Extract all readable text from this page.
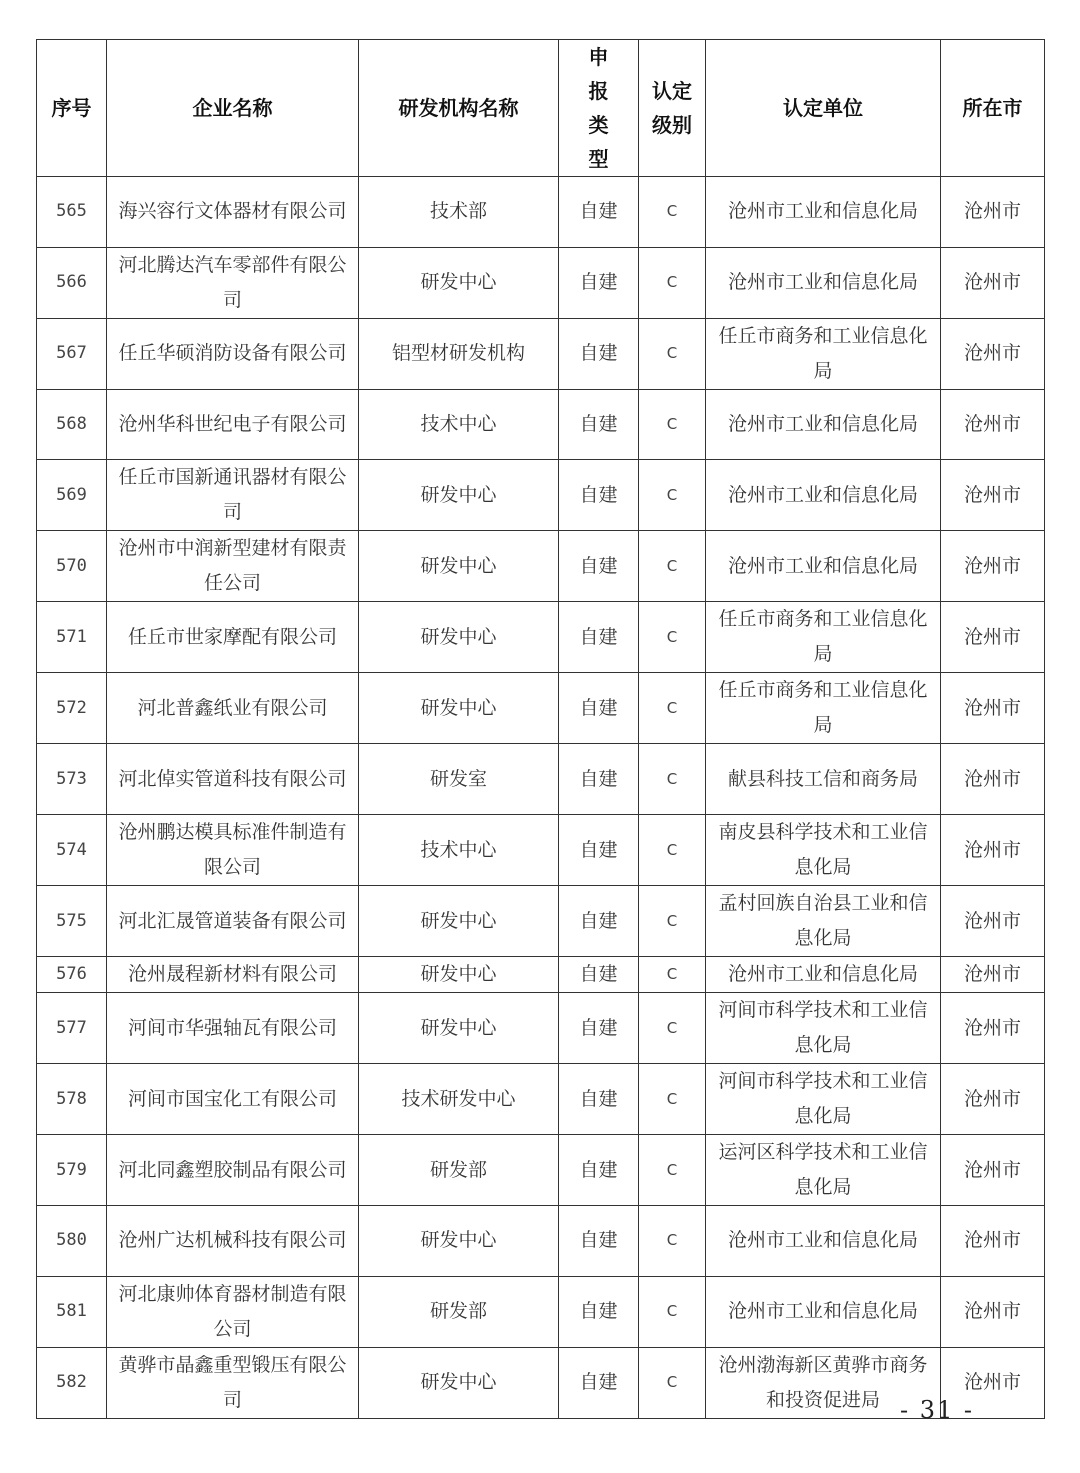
序号	企业名称	研发机构名称	申报类型	认定级别	认定单位	所在市
565	海兴容行文体器材有限公司	技术部	自建	C	沧州市工业和信息化局	沧州市
566	河北腾达汽车零部件有限公司	研发中心	自建	C	沧州市工业和信息化局	沧州市
567	任丘华硕消防设备有限公司	铝型材研发机构	自建	C	任丘市商务和工业信息化局	沧州市
568	沧州华科世纪电子有限公司	技术中心	自建	C	沧州市工业和信息化局	沧州市
569	任丘市国新通讯器材有限公司	研发中心	自建	C	沧州市工业和信息化局	沧州市
570	沧州市中润新型建材有限责任公司	研发中心	自建	C	沧州市工业和信息化局	沧州市
571	任丘市世家摩配有限公司	研发中心	自建	C	任丘市商务和工业信息化局	沧州市
572	河北普鑫纸业有限公司	研发中心	自建	C	任丘市商务和工业信息化局	沧州市
573	河北倬实管道科技有限公司	研发室	自建	C	献县科技工信和商务局	沧州市
574	沧州鹏达模具标准件制造有限公司	技术中心	自建	C	南皮县科学技术和工业信息化局	沧州市
575	河北汇晟管道装备有限公司	研发中心	自建	C	孟村回族自治县工业和信息化局	沧州市
576	沧州晟程新材料有限公司	研发中心	自建	C	沧州市工业和信息化局	沧州市
577	河间市华强轴瓦有限公司	研发中心	自建	C	河间市科学技术和工业信息化局	沧州市
578	河间市国宝化工有限公司	技术研发中心	自建	C	河间市科学技术和工业信息化局	沧州市
579	河北同鑫塑胶制品有限公司	研发部	自建	C	运河区科学技术和工业信息化局	沧州市
580	沧州广达机械科技有限公司	研发中心	自建	C	沧州市工业和信息化局	沧州市
581	河北康帅体育器材制造有限公司	研发部	自建	C	沧州市工业和信息化局	沧州市
582	黄骅市晶鑫重型锻压有限公司	研发中心	自建	C	沧州渤海新区黄骅市商务和投资促进局	沧州市
- 31 -
